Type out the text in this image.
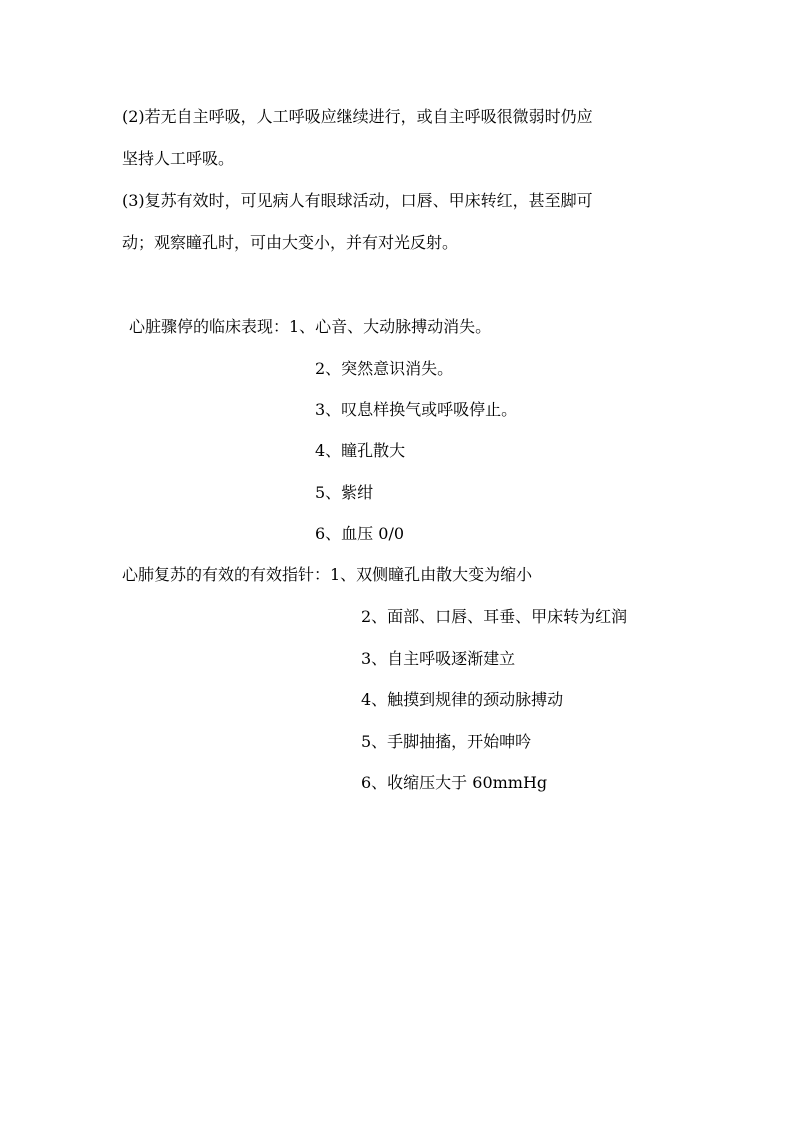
(2)若无自主呼吸，人工呼吸应继续进行，或自主呼吸很微弱时仍应

坚持人工呼吸。

(3)复苏有效时，可见病人有眼球活动，口唇、甲床转红，甚至脚可

动；观察瞳孔时，可由大变小，并有对光反射。

心脏骤停的临床表现：1、心音、大动脉搏动消失。

2、突然意识消失。

3、叹息样换气或呼吸停止。

4、瞳孔散大

5、紫绀

6、血压 0/0

心肺复苏的有效的有效指针：1、双侧瞳孔由散大变为缩小

2、面部、口唇、耳垂、甲床转为红润

3、自主呼吸逐渐建立

4、触摸到规律的颈动脉搏动

5、手脚抽搐，开始呻吟

6、收缩压大于 60mmHg
